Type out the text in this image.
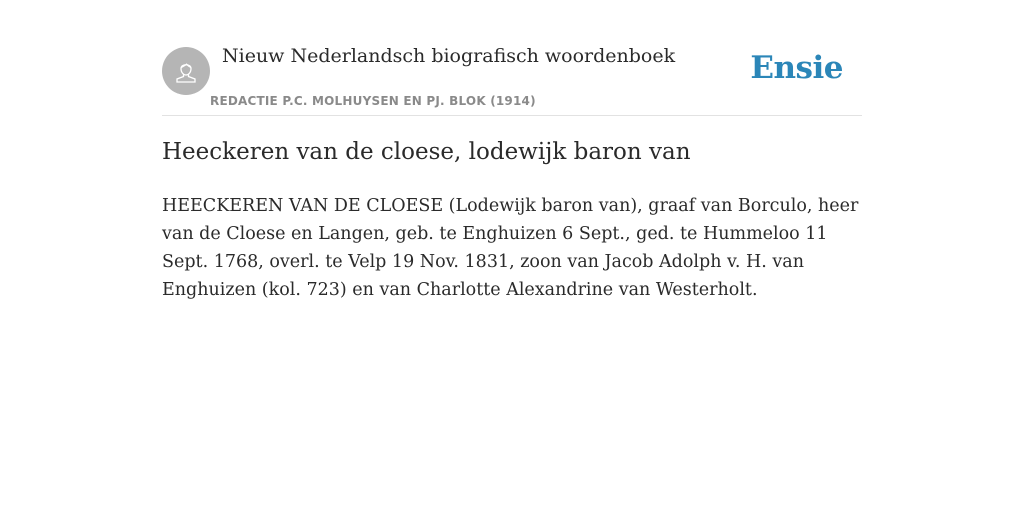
Nieuw Nederlandsch biografisch woordenboek
REDACTIE P.C. MOLHUYSEN EN PJ. BLOK (1914)
Ensie
Heeckeren van de cloese, lodewijk baron van

HEECKEREN VAN DE CLOESE (Lodewijk baron van), graaf van Borculo, heer van de Cloese en Langen, geb. te Enghuizen 6 Sept., ged. te Hummeloo 11 Sept. 1768, overl. te Velp 19 Nov. 1831, zoon van Jacob Adolph v. H. van Enghuizen (kol. 723) en van Charlotte Alexandrine van Westerholt.
